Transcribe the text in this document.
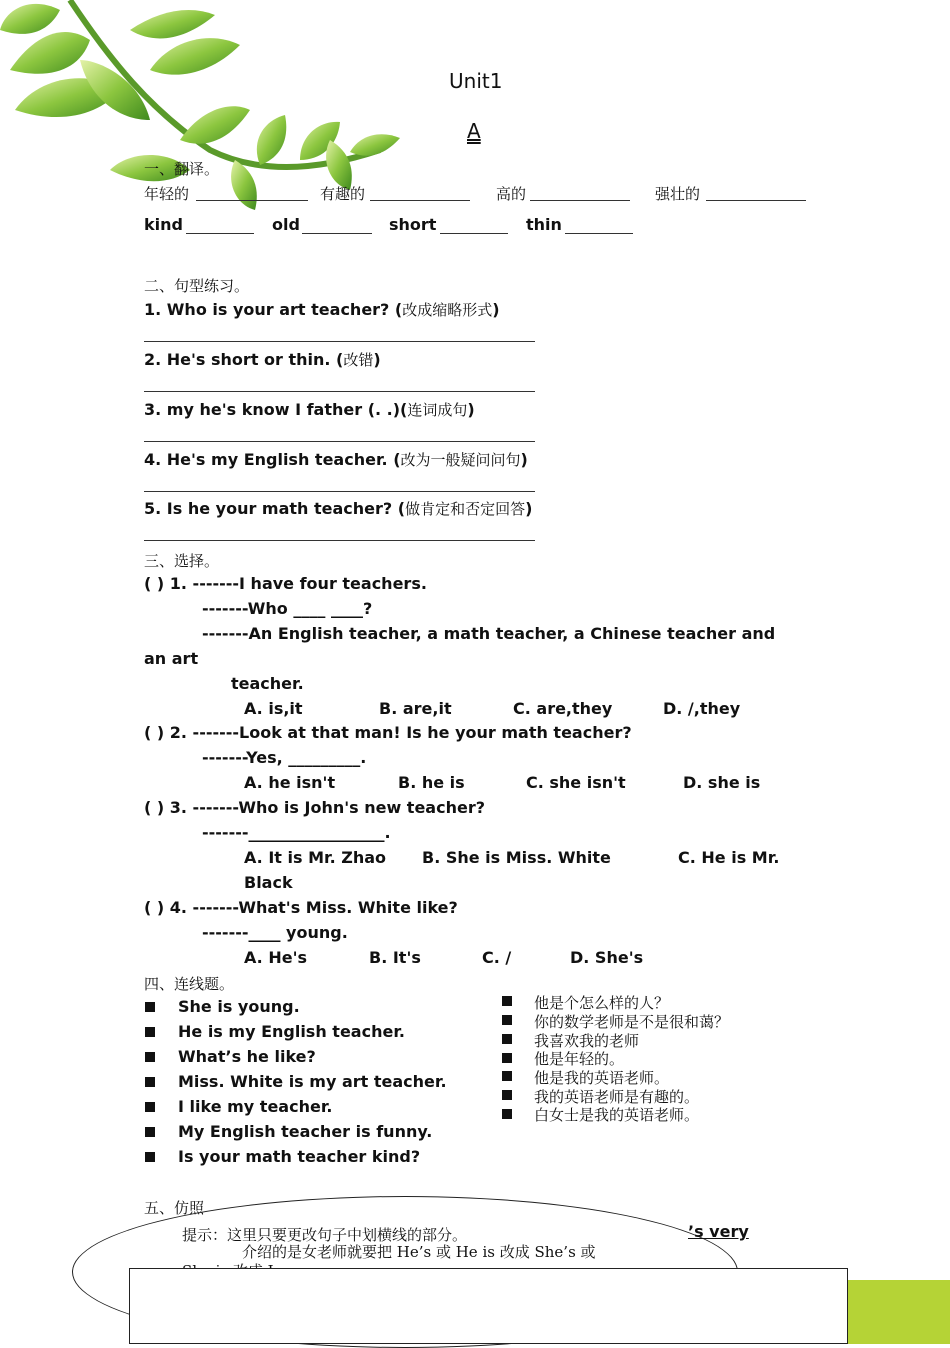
Unit1
A
一、翻译。
年轻的	有趣的	高的	强壮的
kind	old	short	thin
二、句型练习。
1. Who is your art teacher? (改成缩略形式)
2. He's short or thin. (改错)
3. my he's know I father (. .)(连词成句)
4. He's my English teacher. (改为一般疑问问句)
5. Is he your math teacher? (做肯定和否定回答)
三、选择。
( ) 1. -------I have four teachers.
-------Who ____ ____?
-------An English teacher, a math teacher, a Chinese teacher and
an art
teacher.
A. is,it	B. are,it	C. are,they	D. /,they
( ) 2. -------Look at that man! Is he your math teacher?
-------Yes, _________.
A. he isn't	B. he is	C. she isn't	D. she is
( ) 3. -------Who is John's new teacher?
-------_________________.
A. It is Mr. Zhao B. She is Miss. White	C. He is Mr.
Black
( ) 4. -------What's Miss. White like?
-------____ young.
A. He's	B. It's	C. /	D. She's
四、连线题。
She is young.
He is my English teacher.
What’s he like?
Miss. White is my art teacher.
I like my teacher.
My English teacher is funny.
Is your math teacher kind?
他是个怎么样的人？
你的数学老师是不是很和蔼？
我喜欢我的老师
他是年轻的。
他是我的英语老师。
我的英语老师是有趣的。
白女士是我的英语老师。
五、仿照
提示：这里只要更改句子中划横线的部分。	’s very
介绍的是女老师就要把 He’s 或 He is 改成 She’s 或
